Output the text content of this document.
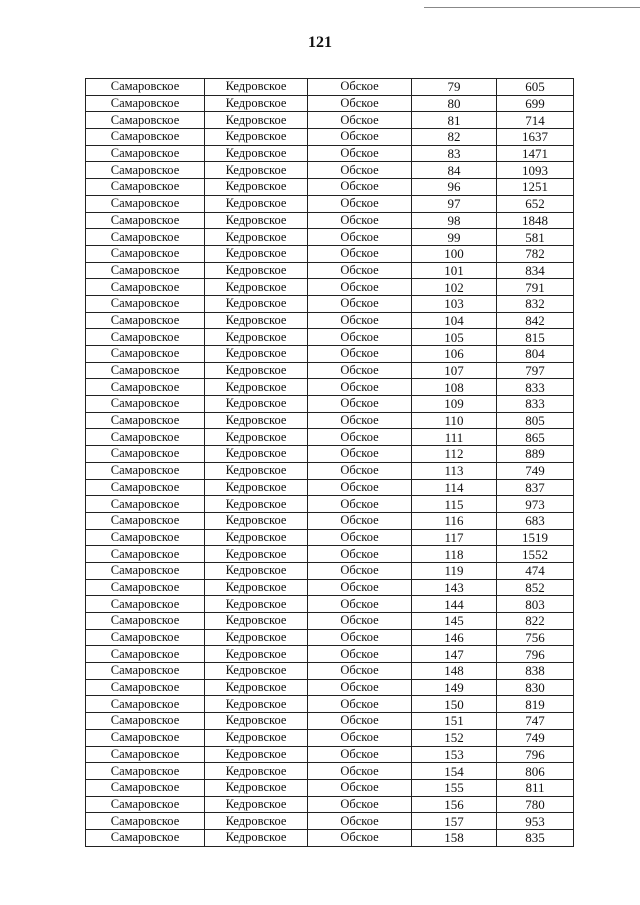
121
Самаровское	Кедровское	Обское	79	605
Самаровское	Кедровское	Обское	80	699
Самаровское	Кедровское	Обское	81	714
Самаровское	Кедровское	Обское	82	1637
Самаровское	Кедровское	Обское	83	1471
Самаровское	Кедровское	Обское	84	1093
Самаровское	Кедровское	Обское	96	1251
Самаровское	Кедровское	Обское	97	652
Самаровское	Кедровское	Обское	98	1848
Самаровское	Кедровское	Обское	99	581
Самаровское	Кедровское	Обское	100	782
Самаровское	Кедровское	Обское	101	834
Самаровское	Кедровское	Обское	102	791
Самаровское	Кедровское	Обское	103	832
Самаровское	Кедровское	Обское	104	842
Самаровское	Кедровское	Обское	105	815
Самаровское	Кедровское	Обское	106	804
Самаровское	Кедровское	Обское	107	797
Самаровское	Кедровское	Обское	108	833
Самаровское	Кедровское	Обское	109	833
Самаровское	Кедровское	Обское	110	805
Самаровское	Кедровское	Обское	111	865
Самаровское	Кедровское	Обское	112	889
Самаровское	Кедровское	Обское	113	749
Самаровское	Кедровское	Обское	114	837
Самаровское	Кедровское	Обское	115	973
Самаровское	Кедровское	Обское	116	683
Самаровское	Кедровское	Обское	117	1519
Самаровское	Кедровское	Обское	118	1552
Самаровское	Кедровское	Обское	119	474
Самаровское	Кедровское	Обское	143	852
Самаровское	Кедровское	Обское	144	803
Самаровское	Кедровское	Обское	145	822
Самаровское	Кедровское	Обское	146	756
Самаровское	Кедровское	Обское	147	796
Самаровское	Кедровское	Обское	148	838
Самаровское	Кедровское	Обское	149	830
Самаровское	Кедровское	Обское	150	819
Самаровское	Кедровское	Обское	151	747
Самаровское	Кедровское	Обское	152	749
Самаровское	Кедровское	Обское	153	796
Самаровское	Кедровское	Обское	154	806
Самаровское	Кедровское	Обское	155	811
Самаровское	Кедровское	Обское	156	780
Самаровское	Кедровское	Обское	157	953
Самаровское	Кедровское	Обское	158	835
